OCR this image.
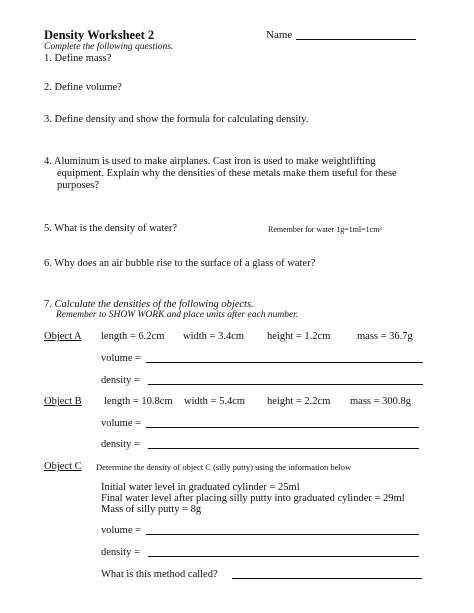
Density Worksheet 2	Name
Complete the following questions.
1. Define mass?
2. Define volume?
3. Define density and show the formula for calculating density.
4. Aluminum is used to make airplanes. Cast iron is used to make weightlifting
equipment. Explain why the densities of these metals make them useful for these
purposes?
5. What is the density of water?	Remember for water 1g=1ml=1cm³
6. Why does an air bubble rise to the surface of a glass of water?
7. Calculate the densities of the following objects.
Remember to SHOW WORK and place units after each number.
Object A length = 6.2cm width = 3.4cm height = 1.2cm	mass = 36.7g
volume =
density =
Object B length = 10.8cm width = 5.4cm height = 2.2cm mass = 300.8g
volume =
density =
Object C Determine the density of object C (silly putty) using the information below
Initial water level in graduated cylinder = 25ml
Final water level after placing silly putty into graduated cylinder = 29ml
Mass of silly putty = 8g
volume =
density =
What is this method called?
